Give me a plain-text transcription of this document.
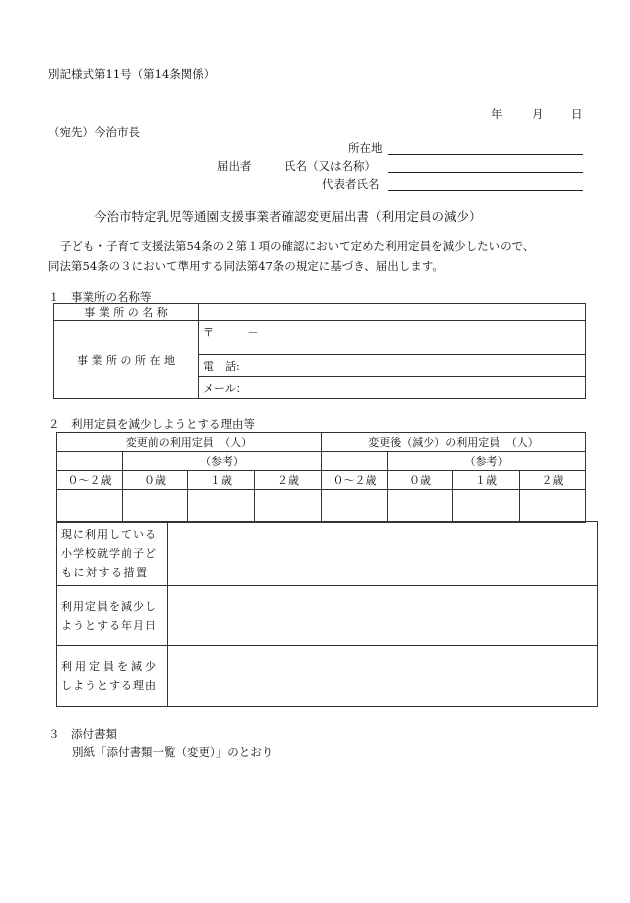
別記様式第11号（第14条関係）
年	月 日
（宛先）今治市長
所在地
届出者	氏名（又は名称）
代表者氏名
今治市特定乳児等通園支援事業者確認変更届出書（利用定員の減少）
子ども・子育て支援法第54条の２第１項の確認において定めた利用定員を減少したいので、
同法第54条の３において準用する同法第47条の規定に基づき、届出します。
１　事業所の名称等
事 業 所 の 名 称	
事 業 所 の 所 在 地	〒 －
	電　話:
	メール：
２　利用定員を減少しようとする理由等
変更前の利用定員　（人）				変更後（減少）の利用定員　（人）			
	（参考）				（参考）		
０～２歳	０歳	１歳	２歳	０～２歳	０歳	１歳	２歳

現に利用している
小学校就学前子ど
もに対する措置	

利用定員を減少し
ようとする年月日	

利用定員を減少
しようとする理由	

３　添付書類
別紙「添付書類一覧（変更）」のとおり
